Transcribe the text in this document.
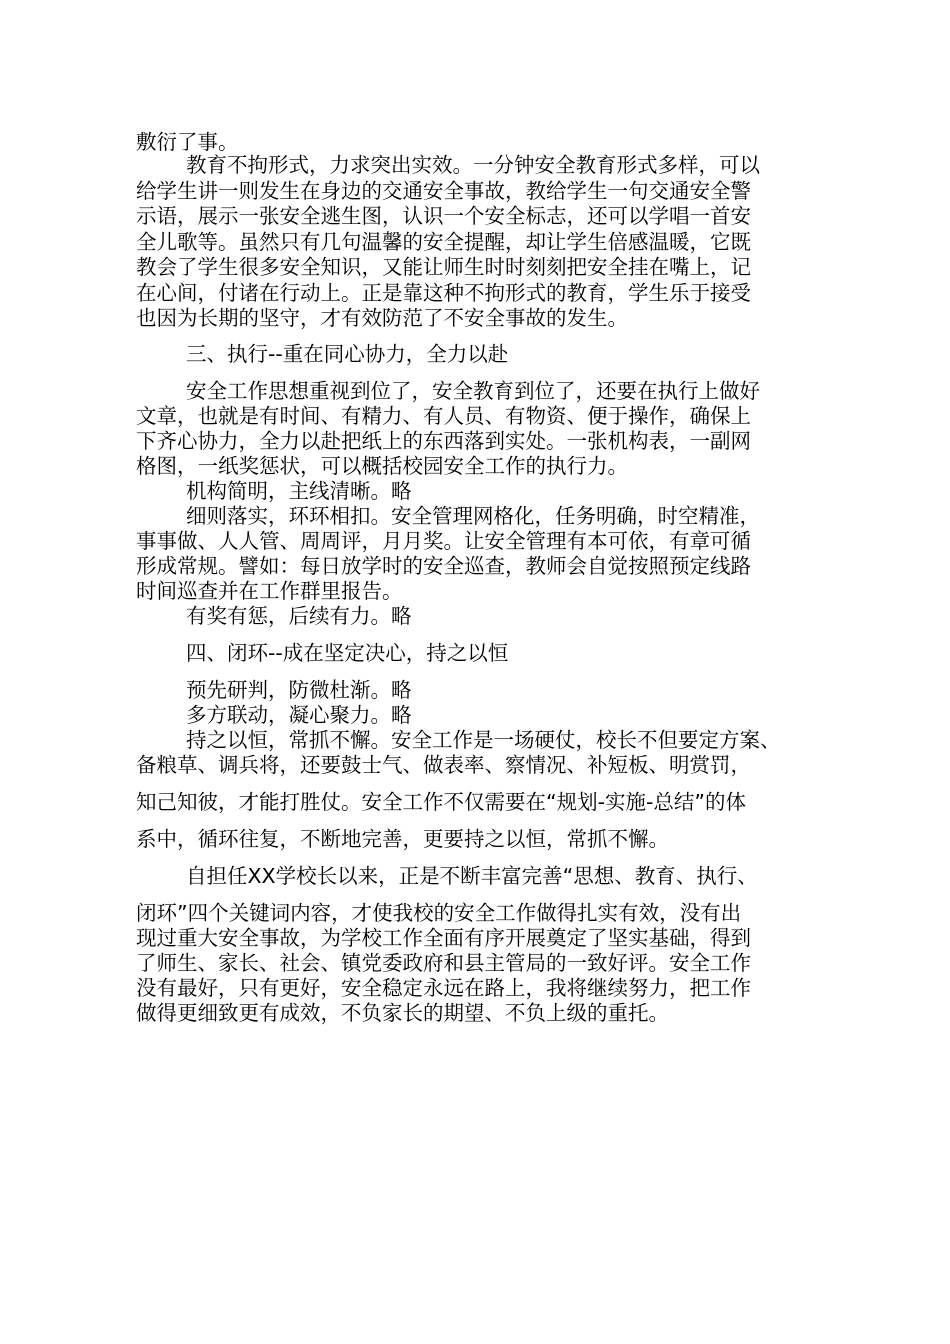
敷衍了事。
教育不拘形式，力求突出实效。一分钟安全教育形式多样，可以
给学生讲一则发生在身边的交通安全事故，教给学生一句交通安全警
示语，展示一张安全逃生图，认识一个安全标志，还可以学唱一首安
全儿歌等。虽然只有几句温馨的安全提醒，却让学生倍感温暖，它既
教会了学生很多安全知识，又能让师生时时刻刻把安全挂在嘴上，记
在心间，付诸在行动上。正是靠这种不拘形式的教育，学生乐于接受
也因为长期的坚守，才有效防范了不安全事故的发生。
三、执行--重在同心协力，全力以赴
安全工作思想重视到位了，安全教育到位了，还要在执行上做好
文章，也就是有时间、有精力、有人员、有物资、便于操作，确保上
下齐心协力，全力以赴把纸上的东西落到实处。一张机构表，一副网
格图，一纸奖惩状，可以概括校园安全工作的执行力。
机构简明，主线清晰。略
细则落实，环环相扣。安全管理网格化，任务明确，时空精准，
事事做、人人管、周周评，月月奖。让安全管理有本可依，有章可循
形成常规。譬如：每日放学时的安全巡查，教师会自觉按照预定线路
时间巡查并在工作群里报告。
有奖有惩，后续有力。略
四、闭环--成在坚定决心，持之以恒
预先研判，防微杜渐。略
多方联动，凝心聚力。略
持之以恒，常抓不懈。安全工作是一场硬仗，校长不但要定方案、
备粮草、调兵将，还要鼓士气、做表率、察情况、补短板、明赏罚，
知己知彼，才能打胜仗。安全工作不仅需要在“规划-实施-总结”的体
系中，循环往复，不断地完善，更要持之以恒，常抓不懈。
自担任XX学校长以来，正是不断丰富完善“思想、教育、执行、
闭环”四个关键词内容，才使我校的安全工作做得扎实有效，没有出
现过重大安全事故，为学校工作全面有序开展奠定了坚实基础，得到
了师生、家长、社会、镇党委政府和县主管局的一致好评。安全工作
没有最好，只有更好，安全稳定永远在路上，我将继续努力，把工作
做得更细致更有成效，不负家长的期望、不负上级的重托。
